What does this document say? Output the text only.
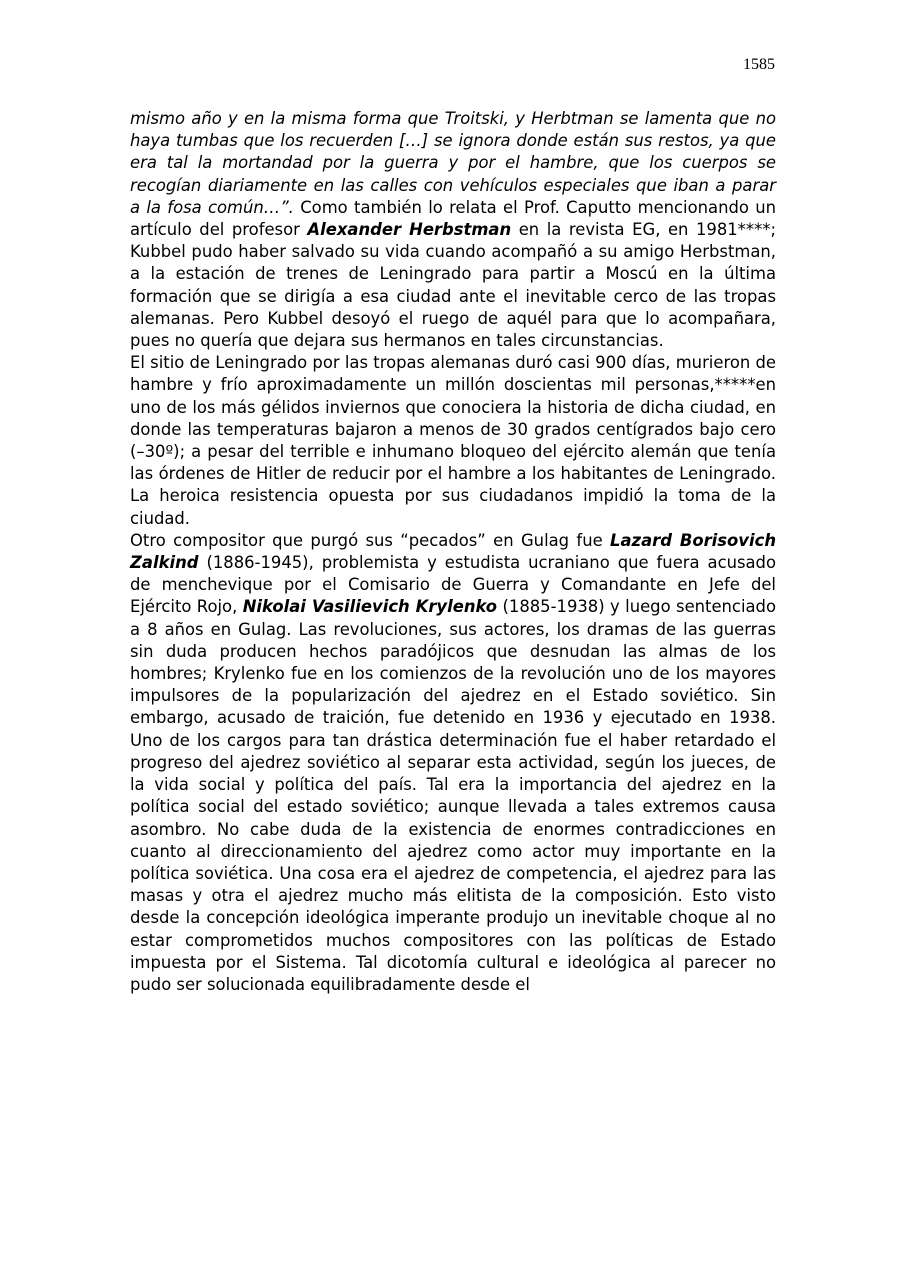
1585

mismo año y en la misma forma que Troitski, y Herbtman se lamenta que no haya tumbas que los recuerden […] se ignora donde están sus restos, ya que era tal la mortandad por la guerra y por el hambre, que los cuerpos se recogían diariamente en las calles con vehículos especiales que iban a parar a la fosa común…”. Como también lo relata el Prof. Caputto mencionando un artículo del profesor Alexander Herbstman en la revista EG, en 1981****; Kubbel pudo haber salvado su vida cuando acompañó a su amigo Herbstman, a la estación de trenes de Leningrado para partir a Moscú en la última formación que se dirigía a esa ciudad ante el inevitable cerco de las tropas alemanas. Pero Kubbel desoyó el ruego de aquél para que lo acompañara, pues no quería que dejara sus hermanos en tales circunstancias.

El sitio de Leningrado por las tropas alemanas duró casi 900 días, murieron de hambre y frío aproximadamente un millón doscientas mil personas,*****en uno de los más gélidos inviernos que conociera la historia de dicha ciudad, en donde las temperaturas bajaron a menos de 30 grados centígrados bajo cero (–30º); a pesar del terrible e inhumano bloqueo del ejército alemán que tenía las órdenes de Hitler de reducir por el hambre a los habitantes de Leningrado. La heroica resistencia opuesta por sus ciudadanos impidió la toma de la ciudad.

Otro compositor que purgó sus “pecados” en Gulag fue Lazard Borisovich Zalkind (1886-1945), problemista y estudista ucraniano que fuera acusado de menchevique por el Comisario de Guerra y Comandante en Jefe del Ejército Rojo, Nikolai Vasilievich Krylenko (1885-1938) y luego sentenciado a 8 años en Gulag. Las revoluciones, sus actores, los dramas de las guerras sin duda producen hechos paradójicos que desnudan las almas de los hombres; Krylenko fue en los comienzos de la revolución uno de los mayores impulsores de la popularización del ajedrez en el Estado soviético. Sin embargo, acusado de traición, fue detenido en 1936 y ejecutado en 1938. Uno de los cargos para tan drástica determinación fue el haber retardado el progreso del ajedrez soviético al separar esta actividad, según los jueces, de la vida social y política del país. Tal era la importancia del ajedrez en la política social del estado soviético; aunque llevada a tales extremos causa asombro. No cabe duda de la existencia de enormes contradicciones en cuanto al direccionamiento del ajedrez como actor muy importante en la política soviética. Una cosa era el ajedrez de competencia, el ajedrez para las masas y otra el ajedrez mucho más elitista de la composición. Esto visto desde la concepción ideológica imperante produjo un inevitable choque al no estar comprometidos muchos compositores con las políticas de Estado impuesta por el Sistema. Tal dicotomía cultural e ideológica al parecer no pudo ser solucionada equilibradamente desde el
